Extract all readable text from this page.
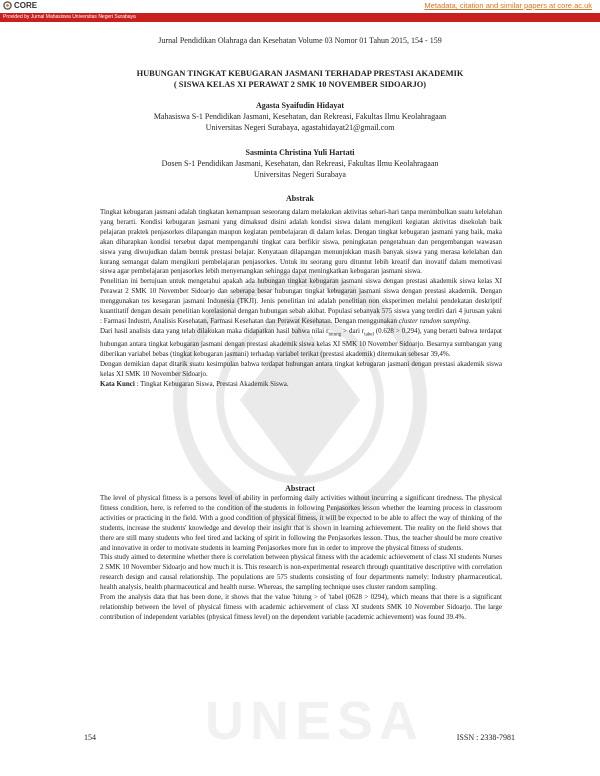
CORE	Metadata, citation and similar papers at core.ac.uk
Provided by Jurnal Mahasiswa Universitas Negeri Surabaya
UNESA
Jurnal Pendidikan Olahraga dan Kesehatan Volume 03 Nomor 01 Tahun 2015, 154 - 159
HUBUNGAN TINGKAT KEBUGARAN JASMANI TERHADAP PRESTASI AKADEMIK
( SISWA KELAS XI PERAWAT 2 SMK 10 NOVEMBER SIDOARJO)
Agasta Syaifudin Hidayat
Mahasiswa S-1 Pendidikan Jasmani, Kesehatan, dan Rekreasi, Fakultas Ilmu Keolahragaan
Universitas Negeri Surabaya, agastahidayat21@gmail.com
Sasminta Christina Yuli Hartati
Dosen S-1 Pendidikan Jasmani, Kesehatan, dan Rekreasi, Fakultas Ilmu Keolahragaan
Universitas Negeri Surabaya
Abstrak

Tingkat kebugaran jasmani adalah tingkatan kemampuan seseorang dalam melakukan aktivitas sehari-hari tanpa menimbulkan suatu kelelahan yang berarti. Kondisi kebugaran jasmani yang dimaksud disini adalah kondisi siswa dalam mengikuti kegiatan aktivitas disekolah baik pelajaran praktek penjasorkes dilapangan maupun kegiatan pembelajaran di dalam kelas. Dengan tingkat kebugaran jasmani yang baik, maka akan diharapkan kondisi tersebut dapat mempengaruhi tingkat cara berfikir siswa, peningkatan pengetahuan dan pengembangan wawasan siswa yang diwujudkan dalam bentuk prestasi belajar. Kenyataan dilapangan menunjukkan masih banyak siswa yang merasa kelelahan dan kurang semangat dalam mengikuti pembelajaran penjasorkes. Untuk itu seorang guru dituntut lebih kreatif dan inovatif dalam memotivasi siswa agar pembelajaran penjasorkes lebih menyenangkan sehingga dapat meningkatkan kebugaran jasmani siswa.

Penelitian ini bertujuan untuk mengetahui apakah ada hubungan tingkat kebugaran jasmani siswa dengan prestasi akademik siswa kelas XI Perawat 2 SMK 10 November Sidoarjo dan seberapa besar hubungan tingkat kebugaran jasmani siswa dengan prestasi akademik. Dengan menggunakan tes kesegaran jasmani Indonesia (TKJI). Jenis penelitian ini adalah penelitian non eksperimen melalui pendekatan deskriptif kuantitatif dengan desain penelitian korelasional dengan hubungan sebab akibat. Populasi sebanyak 575 siswa yang terdiri dari 4 jurusan yakni : Farmasi Industri, Analisis Kesehatan, Farmasi Kesehatan dan Perawat Kesehatan. Dengan menggunakan cluster random sampling.

Dari hasil analisis data yang telah dilakukan maka didapatkan hasil bahwa nilai $r_{hitung}$ > dari $r_{tabel}$ (0.628 > 0.294), yang berarti bahwa terdapat hubungan antara tingkat kebugaran jasmani dengan prestasi akademik siswa kelas XI SMK 10 November Sidoarjo. Besarnya sumbangan yang diberikan variabel bebas (tingkat kebugaran jasmani) terhadap variabel terikat (prestasi akademik) ditemukan sebesar 39,4%.

Dengan demikian dapat ditarik suatu kesimpulan bahwa terdapat hubungan antara tingkat kebugaran jasmani dengan prestasi akademik siswa kelas XI SMK 10 November Sidoarjo.

Kata Kunci : Tingkat Kebugaran Siswa, Prestasi Akademik Siswa.

Abstract

The level of physical fitness is a persons level of ability in performing daily activities without incurring a significant tiredness. The physical fitness condition, here, is referred to the condition of the students in following Penjasorkes lesson whether the learning process in classroom activities or practicing in the field. With a good condition of physical fitness, it will be expected to be able to affect the way of thinking of the students, increase the students' knowledge and develop their insight that is shown in learning achievement. The reality on the field shows that there are still many students who feel tired and lacking of spirit in following the Penjasorkes lesson. Thus, the teacher should be more creative and innovative in order to motivate students in learning Penjasorkes more fun in order to improve the physical fitness of students.

This study aimed to determine whether there is correlation between physical fitness with the academic achievement of class XI students Nurses 2 SMK 10 November Sidoarjo and how much it is. This research is non-experimental research through quantitative descriptive with correlation research design and causal relationship. The populations are 575 students consisting of four departments namely: Industry pharmaceutical, health analysis, health pharmaceutical and health nurse. Whereas, the sampling technique uses cluster random sampling.

From the analysis data that has been done, it shows that the value 'hitung > of 'tabel (0628 > 0294), which means that there is a significant relationship between the level of physical fitness with academic achievement of class XI students SMK 10 November Sidoarjo. The large contribution of independent variables (physical fitness level) on the dependent variable (academic achievement) was found 39.4%.

154	ISSN : 2338-7981
